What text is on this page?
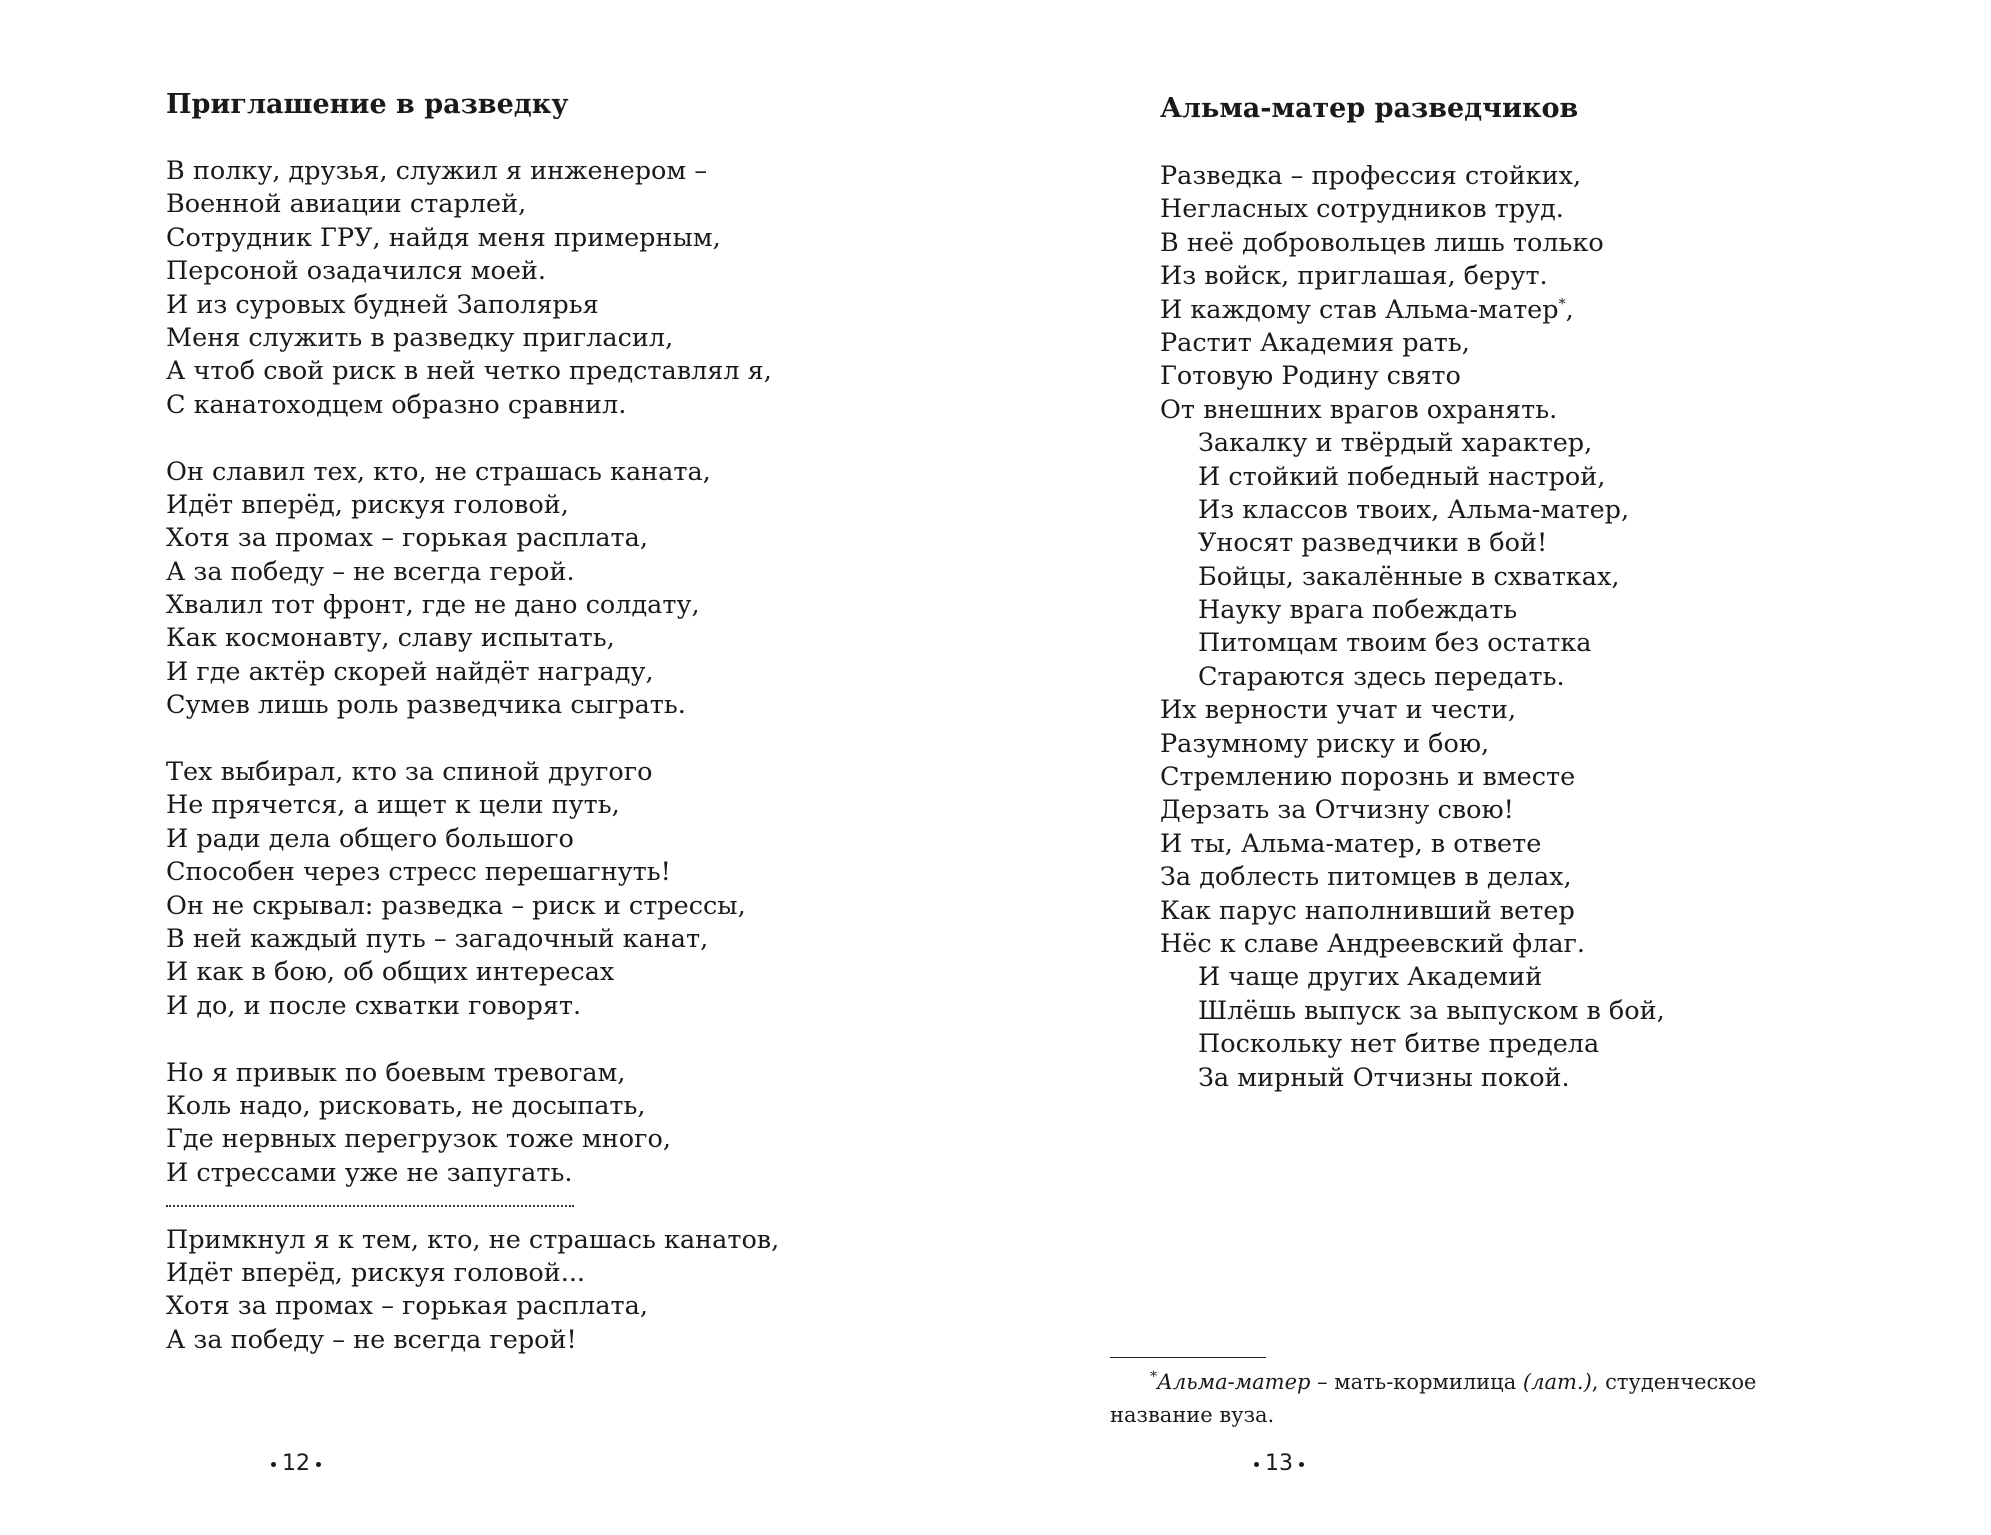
Приглашение в разведку
В полку, друзья, служил я инженером –
Военной авиации старлей,
Сотрудник ГРУ, найдя меня примерным,
Персоной озадачился моей.
И из суровых будней Заполярья
Меня служить в разведку пригласил,
А чтоб свой риск в ней четко представлял я,
С канатоходцем образно сравнил.
Он славил тех, кто, не страшась каната,
Идёт вперёд, рискуя головой,
Хотя за промах – горькая расплата,
А за победу – не всегда герой.
Хвалил тот фронт, где не дано солдату,
Как космонавту, славу испытать,
И где актёр скорей найдёт награду,
Сумев лишь роль разведчика сыграть.
Тех выбирал, кто за спиной другого
Не прячется, а ищет к цели путь,
И ради дела общего большого
Способен через стресс перешагнуть!
Он не скрывал: разведка – риск и стрессы,
В ней каждый путь – загадочный канат,
И как в бою, об общих интересах
И до, и после схватки говорят.
Но я привык по боевым тревогам,
Коль надо, рисковать, не досыпать,
Где нервных перегрузок тоже много,
И стрессами уже не запугать.
Примкнул я к тем, кто, не страшась канатов,
Идёт вперёд, рискуя головой...
Хотя за промах – горькая расплата,
А за победу – не всегда герой!
12
Альма-матер разведчиков
Разведка – профессия стойких,
Негласных сотрудников труд.
В неё добровольцев лишь только
Из войск, приглашая, берут.
И каждому став Альма-матер*,
Растит Академия рать,
Готовую Родину свято
От внешних врагов охранять.
Закалку и твёрдый характер,
И стойкий победный настрой,
Из классов твоих, Альма-матер,
Уносят разведчики в бой!
Бойцы, закалённые в схватках,
Науку врага побеждать
Питомцам твоим без остатка
Стараются здесь передать.
Их верности учат и чести,
Разумному риску и бою,
Стремлению порознь и вместе
Дерзать за Отчизну свою!
И ты, Альма-матер, в ответе
За доблесть питомцев в делах,
Как парус наполнивший ветер
Нёс к славе Андреевский флаг.
И чаще других Академий
Шлёшь выпуск за выпуском в бой,
Поскольку нет битве предела
За мирный Отчизны покой.
*Альма-матер – мать-кормилица (лат.), студенческое название вуза.
13
